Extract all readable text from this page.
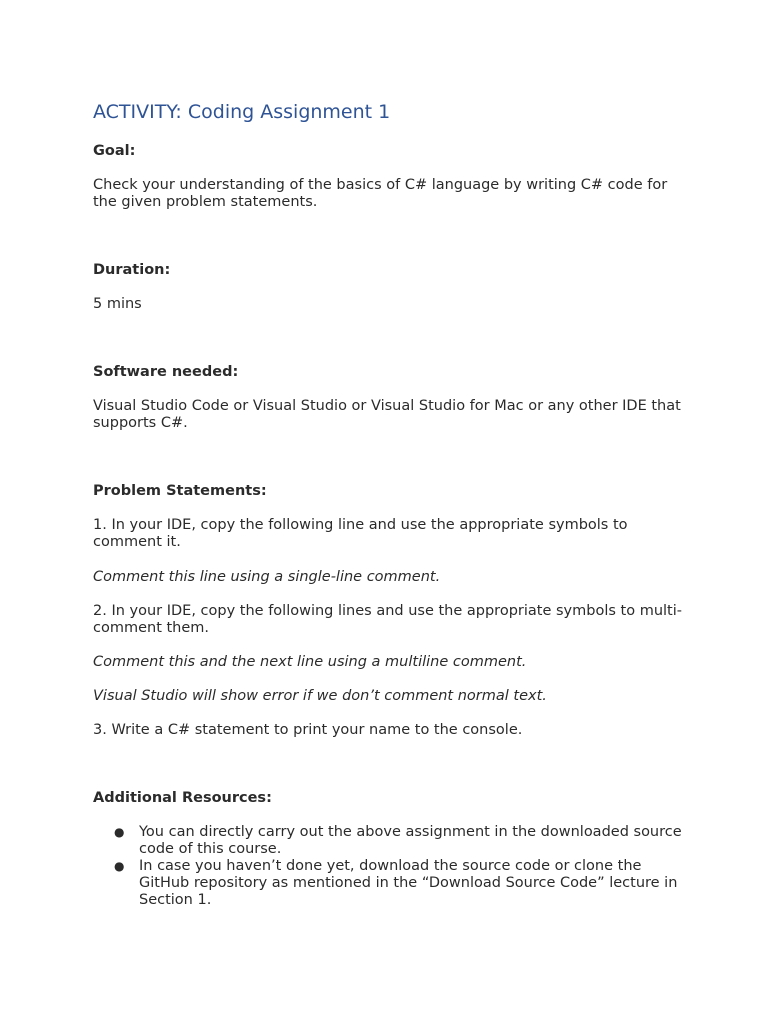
ACTIVITY: Coding Assignment 1

Goal:

Check your understanding of the basics of C# language by writing C# code for the given problem statements.

Duration:

5 mins

Software needed:

Visual Studio Code or Visual Studio or Visual Studio for Mac or any other IDE that supports C#.

Problem Statements:

1. In your IDE, copy the following line and use the appropriate symbols to comment it.

Comment this line using a single-line comment.

2. In your IDE, copy the following lines and use the appropriate symbols to multi-comment them.

Comment this and the next line using a multiline comment.

Visual Studio will show error if we don’t comment normal text.

3. Write a C# statement to print your name to the console.

Additional Resources:

● You can directly carry out the above assignment in the downloaded source code of this course.
● In case you haven’t done yet, download the source code or clone the GitHub repository as mentioned in the “Download Source Code” lecture in Section 1.
